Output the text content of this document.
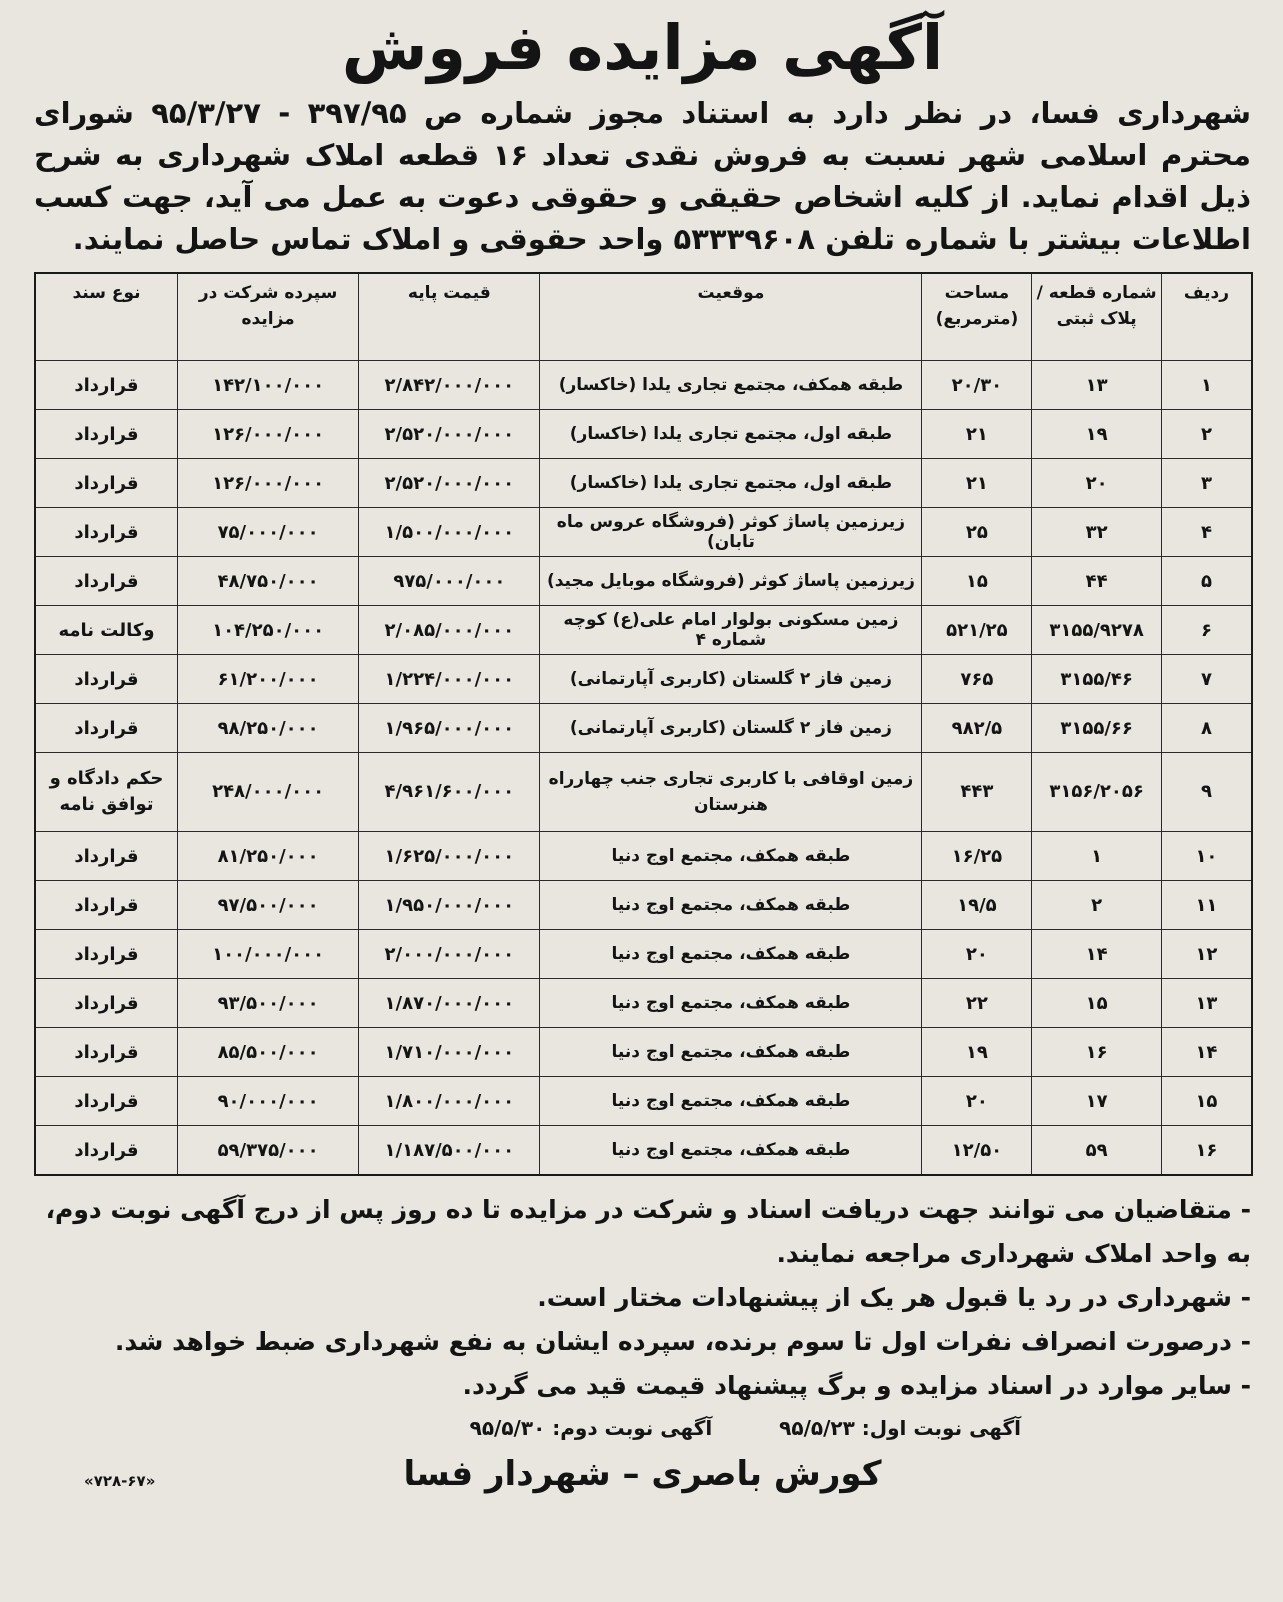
آگهی مزایده فروش
شهرداری فسا، در نظر دارد به استناد مجوز شماره ص ۳۹۷/۹۵ - ۹۵/۳/۲۷ شورای محترم اسلامی شهر نسبت به فروش نقدی تعداد ۱۶ قطعه املاک شهرداری به شرح ذیل اقدام نماید. از کلیه اشخاص حقیقی و حقوقی دعوت به عمل می آید، جهت کسب اطلاعات بیشتر با شماره تلفن ۵۳۳۳۹۶۰۸ واحد حقوقی و املاک تماس حاصل نمایند.
ردیف	شماره قطعه / پلاک ثبتی	مساحت (مترمربع)	موقعیت	قیمت پایه	سپرده شرکت در مزایده	نوع سند
۱	۱۳	۲۰/۳۰	طبقه همکف، مجتمع تجاری یلدا (خاکسار)	۲/۸۴۲/۰۰۰/۰۰۰	۱۴۲/۱۰۰/۰۰۰	قرارداد
۲	۱۹	۲۱	طبقه اول، مجتمع تجاری یلدا (خاکسار)	۲/۵۲۰/۰۰۰/۰۰۰	۱۲۶/۰۰۰/۰۰۰	قرارداد
۳	۲۰	۲۱	طبقه اول، مجتمع تجاری یلدا (خاکسار)	۲/۵۲۰/۰۰۰/۰۰۰	۱۲۶/۰۰۰/۰۰۰	قرارداد
۴	۳۲	۲۵	زیرزمین پاساژ کوثر (فروشگاه عروس ماه تابان)	۱/۵۰۰/۰۰۰/۰۰۰	۷۵/۰۰۰/۰۰۰	قرارداد
۵	۴۴	۱۵	زیرزمین پاساژ کوثر (فروشگاه موبایل مجید)	۹۷۵/۰۰۰/۰۰۰	۴۸/۷۵۰/۰۰۰	قرارداد
۶	۳۱۵۵/۹۲۷۸	۵۲۱/۲۵	زمین مسکونی بولوار امام علی(ع) کوچه شماره ۴	۲/۰۸۵/۰۰۰/۰۰۰	۱۰۴/۲۵۰/۰۰۰	وکالت نامه
۷	۳۱۵۵/۴۶	۷۶۵	زمین فاز ۲ گلستان (کاربری آپارتمانی)	۱/۲۲۴/۰۰۰/۰۰۰	۶۱/۲۰۰/۰۰۰	قرارداد
۸	۳۱۵۵/۶۶	۹۸۲/۵	زمین فاز ۲ گلستان (کاربری آپارتمانی)	۱/۹۶۵/۰۰۰/۰۰۰	۹۸/۲۵۰/۰۰۰	قرارداد
۹	۳۱۵۶/۲۰۵۶	۴۴۳	زمین اوقافی با کاربری تجاری جنب چهارراه هنرستان	۴/۹۶۱/۶۰۰/۰۰۰	۲۴۸/۰۰۰/۰۰۰	حکم دادگاه و توافق نامه
۱۰	۱	۱۶/۲۵	طبقه همکف، مجتمع اوج دنیا	۱/۶۲۵/۰۰۰/۰۰۰	۸۱/۲۵۰/۰۰۰	قرارداد
۱۱	۲	۱۹/۵	طبقه همکف، مجتمع اوج دنیا	۱/۹۵۰/۰۰۰/۰۰۰	۹۷/۵۰۰/۰۰۰	قرارداد
۱۲	۱۴	۲۰	طبقه همکف، مجتمع اوج دنیا	۲/۰۰۰/۰۰۰/۰۰۰	۱۰۰/۰۰۰/۰۰۰	قرارداد
۱۳	۱۵	۲۲	طبقه همکف، مجتمع اوج دنیا	۱/۸۷۰/۰۰۰/۰۰۰	۹۳/۵۰۰/۰۰۰	قرارداد
۱۴	۱۶	۱۹	طبقه همکف، مجتمع اوج دنیا	۱/۷۱۰/۰۰۰/۰۰۰	۸۵/۵۰۰/۰۰۰	قرارداد
۱۵	۱۷	۲۰	طبقه همکف، مجتمع اوج دنیا	۱/۸۰۰/۰۰۰/۰۰۰	۹۰/۰۰۰/۰۰۰	قرارداد
۱۶	۵۹	۱۲/۵۰	طبقه همکف، مجتمع اوج دنیا	۱/۱۸۷/۵۰۰/۰۰۰	۵۹/۳۷۵/۰۰۰	قرارداد

- متقاضیان می توانند جهت دریافت اسناد و شرکت در مزایده تا ده روز پس از درج آگهی نوبت دوم، به واحد املاک شهرداری مراجعه نمایند.

- شهرداری در رد یا قبول هر یک از پیشنهادات مختار است.

- درصورت انصراف نفرات اول تا سوم برنده، سپرده ایشان به نفع شهرداری ضبط خواهد شد.

- سایر موارد در اسناد مزایده و برگ پیشنهاد قیمت قید می گردد.

آگهی نوبت اول: ۹۵/۵/۲۳ آگهی نوبت دوم: ۹۵/۵/۳۰
کورش باصری – شهردار فسا
«۷۲۸-۶۷»
